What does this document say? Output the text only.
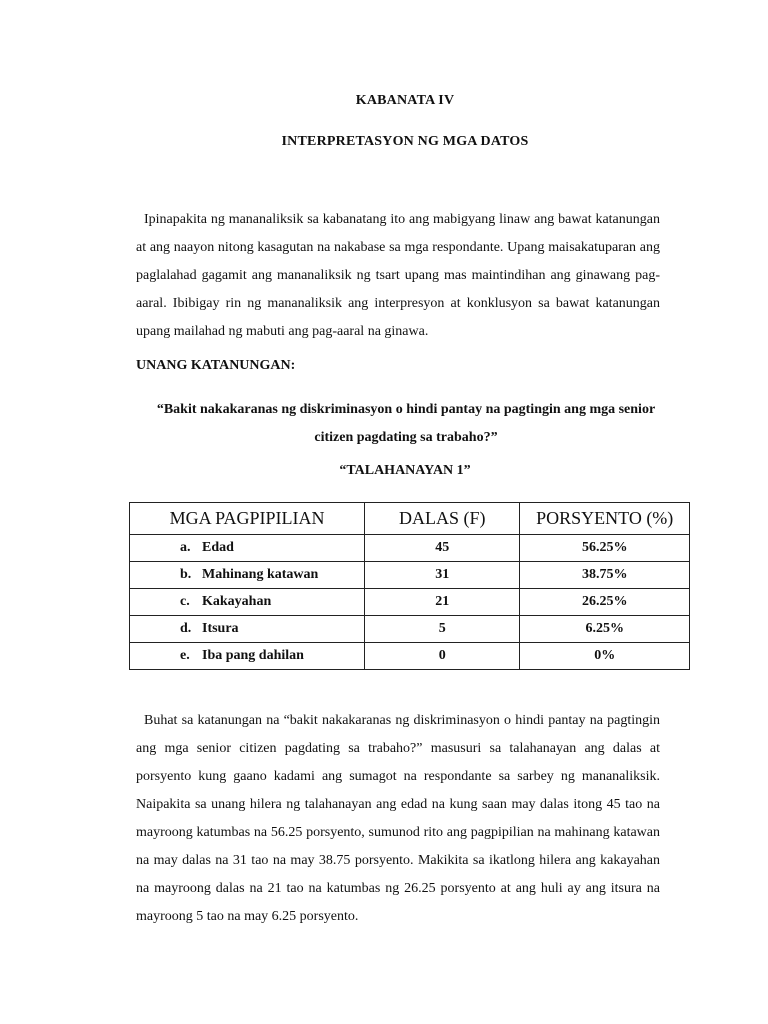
KABANATA IV
INTERPRETASYON NG MGA DATOS

Ipinapakita ng mananaliksik sa kabanatang ito ang mabigyang linaw ang bawat katanungan at ang naayon nitong kasagutan na nakabase sa mga respondante. Upang maisakatuparan ang paglalahad gagamit ang mananaliksik ng tsart upang mas maintindihan ang ginawang pag-aaral. Ibibigay rin ng mananaliksik ang interpresyon at konklusyon sa bawat katanungan upang mailahad ng mabuti ang pag-aaral na ginawa.

UNANG KATANUNGAN:
“Bakit nakakaranas ng diskriminasyon o hindi pantay na pagtingin ang mga senior citizen pagdating sa trabaho?”
“TALAHANAYAN 1”
MGA PAGPIPILIAN	DALAS (F)	PORSYENTO (%)
a. Edad	45	56.25%
b. Mahinang katawan	31	38.75%
c. Kakayahan	21	26.25%
d. Itsura	5	6.25%
e. Iba pang dahilan	0	0%

Buhat sa katanungan na “bakit nakakaranas ng diskriminasyon o hindi pantay na pagtingin ang mga senior citizen pagdating sa trabaho?” masusuri sa talahanayan ang dalas at porsyento kung gaano kadami ang sumagot na respondante sa sarbey ng mananaliksik. Naipakita sa unang hilera ng talahanayan ang edad na kung saan may dalas itong 45 tao na mayroong katumbas na 56.25 porsyento, sumunod rito ang pagpipilian na mahinang katawan na may dalas na 31 tao na may 38.75 porsyento. Makikita sa ikatlong hilera ang kakayahan na mayroong dalas na 21 tao na katumbas ng 26.25 porsyento at ang huli ay ang itsura na mayroong 5 tao na may 6.25 porsyento.
